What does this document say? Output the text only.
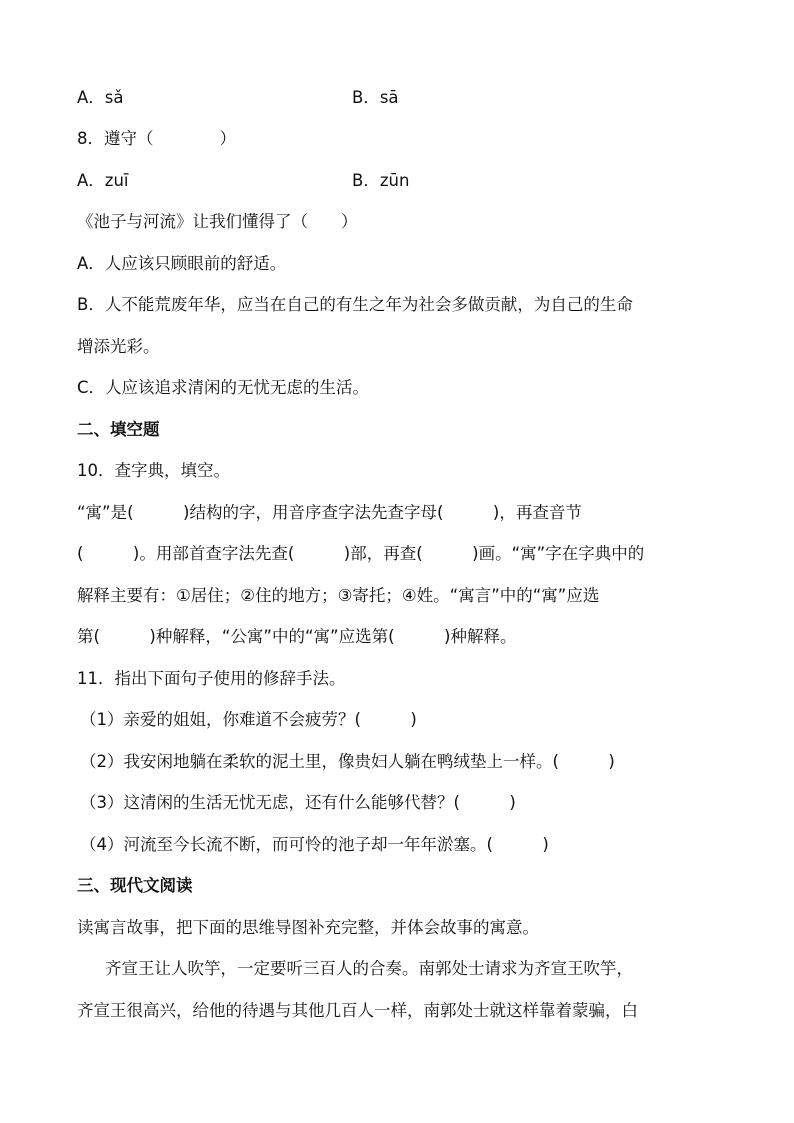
A．sǎ	B．sā
8．遵守（　　　　）
A．zuī	B．zūn
《池子与河流》让我们懂得了（　　）
A．人应该只顾眼前的舒适。
B．人不能荒废年华，应当在自己的有生之年为社会多做贡献，为自己的生命
增添光彩。
C．人应该追求清闲的无忧无虑的生活。
二、填空题
10．查字典，填空。
“寓”是(　　　)结构的字，用音序查字法先查字母(　　　)，再查音节
(　　　)。用部首查字法先查(　　　)部，再查(　　　)画。“寓”字在字典中的
解释主要有：①居住；②住的地方；③寄托；④姓。“寓言”中的“寓”应选
第(　　　)种解释，“公寓”中的“寓”应选第(　　　)种解释。
11．指出下面句子使用的修辞手法。
（1）亲爱的姐姐，你难道不会疲劳？(　　　)
（2）我安闲地躺在柔软的泥土里，像贵妇人躺在鸭绒垫上一样。(　　　)
（3）这清闲的生活无忧无虑，还有什么能够代替？(　　　)
（4）河流至今长流不断，而可怜的池子却一年年淤塞。(　　　)
三、现代文阅读
读寓言故事，把下面的思维导图补充完整，并体会故事的寓意。
齐宣王让人吹竽，一定要听三百人的合奏。南郭处士请求为齐宣王吹竽，
齐宣王很高兴，给他的待遇与其他几百人一样，南郭处士就这样靠着蒙骗，白
